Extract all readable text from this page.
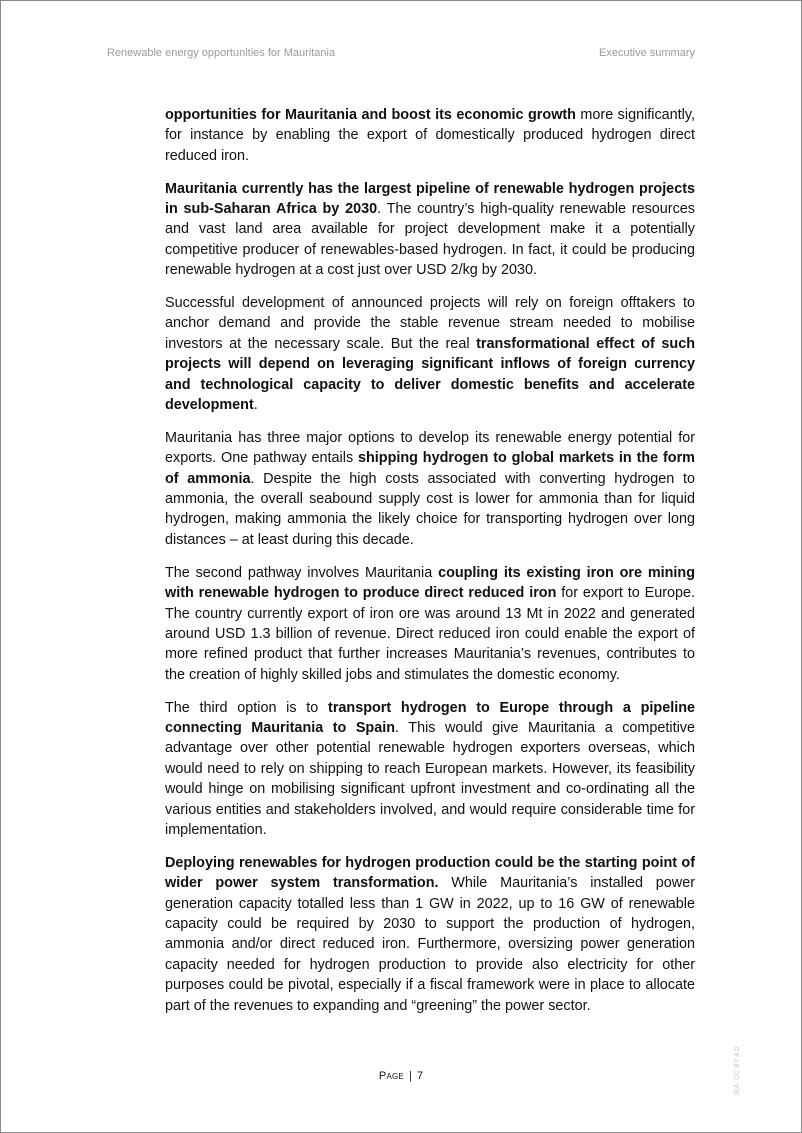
Renewable energy opportunities for Mauritania	Executive summary

opportunities for Mauritania and boost its economic growth more significantly, for instance by enabling the export of domestically produced hydrogen direct reduced iron.

Mauritania currently has the largest pipeline of renewable hydrogen projects in sub-Saharan Africa by 2030. The country’s high-quality renewable resources and vast land area available for project development make it a potentially competitive producer of renewables-based hydrogen. In fact, it could be producing renewable hydrogen at a cost just over USD 2/kg by 2030.

Successful development of announced projects will rely on foreign offtakers to anchor demand and provide the stable revenue stream needed to mobilise investors at the necessary scale. But the real transformational effect of such projects will depend on leveraging significant inflows of foreign currency and technological capacity to deliver domestic benefits and accelerate development.

Mauritania has three major options to develop its renewable energy potential for exports. One pathway entails shipping hydrogen to global markets in the form of ammonia. Despite the high costs associated with converting hydrogen to ammonia, the overall seabound supply cost is lower for ammonia than for liquid hydrogen, making ammonia the likely choice for transporting hydrogen over long distances – at least during this decade.

The second pathway involves Mauritania coupling its existing iron ore mining with renewable hydrogen to produce direct reduced iron for export to Europe. The country currently export of iron ore was around 13 Mt in 2022 and generated around USD 1.3 billion of revenue. Direct reduced iron could enable the export of more refined product that further increases Mauritania’s revenues, contributes to the creation of highly skilled jobs and stimulates the domestic economy.

The third option is to transport hydrogen to Europe through a pipeline connecting Mauritania to Spain. This would give Mauritania a competitive advantage over other potential renewable hydrogen exporters overseas, which would need to rely on shipping to reach European markets. However, its feasibility would hinge on mobilising significant upfront investment and co-ordinating all the various entities and stakeholders involved, and would require considerable time for implementation.

Deploying renewables for hydrogen production could be the starting point of wider power system transformation. While Mauritania’s installed power generation capacity totalled less than 1 GW in 2022, up to 16 GW of renewable capacity could be required by 2030 to support the production of hydrogen, ammonia and/or direct reduced iron. Furthermore, oversizing power generation capacity needed for hydrogen production to provide also electricity for other purposes could be pivotal, especially if a fiscal framework were in place to allocate part of the revenues to expanding and “greening” the power sector.

Page | 7	IEA. CC BY 4.0.
